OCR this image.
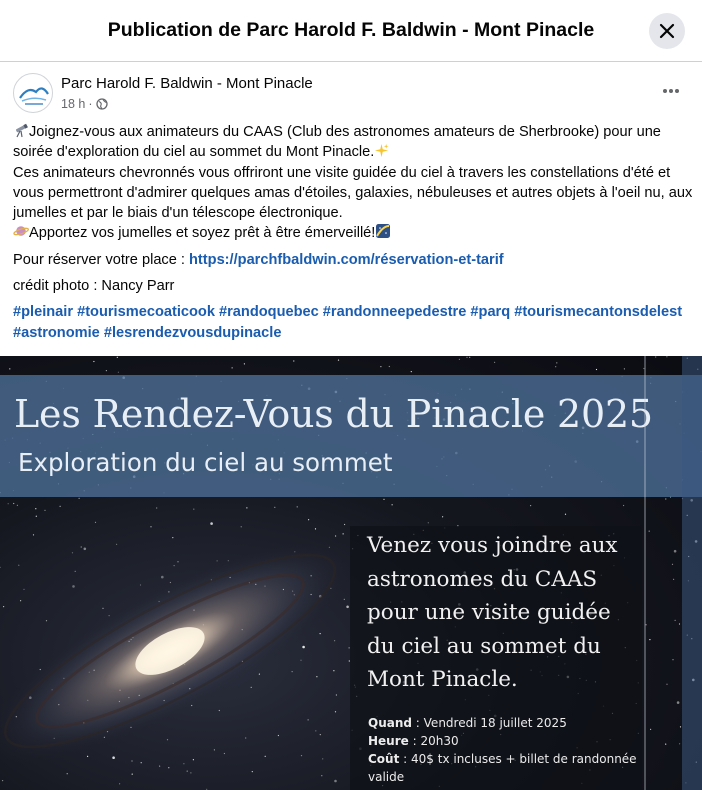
Publication de Parc Harold F. Baldwin - Mont Pinacle
Parc Harold F. Baldwin - Mont Pinacle
18 h ·

Joignez-vous aux animateurs du CAAS (Club des astronomes amateurs de Sherbrooke) pour une soirée d'exploration du ciel au sommet du Mont Pinacle.
Ces animateurs chevronnés vous offriront une visite guidée du ciel à travers les constellations d'été et vous permettront d'admirer quelques amas d'étoiles, galaxies, nébuleuses et autres objets à l'oeil nu, aux jumelles et par le biais d'un télescope électronique.
Apportez vos jumelles et soyez prêt à être émerveillé!

Pour réserver votre place : https://parchfbaldwin.com/réservation-et-tarif

crédit photo : Nancy Parr

#pleinair #tourismecoaticook #randoquebec #randonneepedestre #parq #tourismecantonsdelest #astronomie #lesrendezvousdupinacle

Les Rendez-Vous du Pinacle 2025
Exploration du ciel au sommet
Venez vous joindre aux astronomes du CAAS pour une visite guidée du ciel au sommet du Mont Pinacle.
Quand : Vendredi 18 juillet 2025
Heure : 20h30
Coût : 40$ tx incluses + billet de randonnée valide
